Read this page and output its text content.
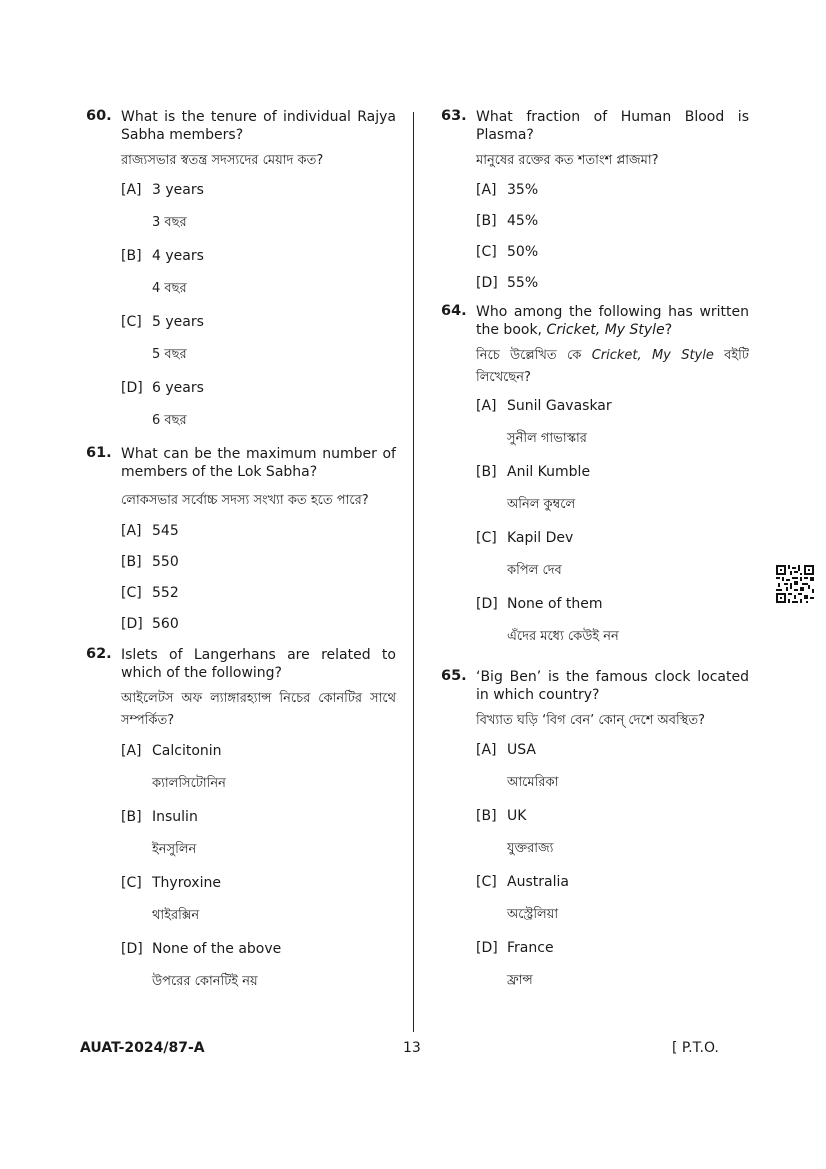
60. What is the tenure of individual Rajya Sabha members?
রাজ্যসভার স্বতন্ত্র সদস্যদের মেয়াদ কত?
[A] 3 years
3 বছর
[B] 4 years
4 বছর
[C] 5 years
5 বছর
[D] 6 years
6 বছর
61. What can be the maximum number of members of the Lok Sabha?
লোকসভার সর্বোচ্চ সদস্য সংখ্যা কত হতে পারে?
[A] 545
[B] 550
[C] 552
[D] 560
62. Islets of Langerhans are related to which of the following?
আইলেটস অফ ল্যাঙ্গারহ্যান্স নিচের কোনটির সাথে সম্পর্কিত?
[A] Calcitonin
ক্যালসিটোনিন
[B] Insulin
ইনসুলিন
[C] Thyroxine
থাইরক্সিন
[D] None of the above
উপরের কোনটিই নয়
63. What fraction of Human Blood is Plasma?
মানুষের রক্তের কত শতাংশ প্লাজমা?
[A] 35%
[B] 45%
[C] 50%
[D] 55%
64. Who among the following has written the book, Cricket, My Style?
নিচে উল্লেখিত কে Cricket, My Style বইটি লিখেছেন?
[A] Sunil Gavaskar
সুনীল গাভাস্কার
[B] Anil Kumble
অনিল কুম্বলে
[C] Kapil Dev
কপিল দেব
[D] None of them
এঁদের মধ্যে কেউই নন
65. ‘Big Ben’ is the famous clock located in which country?
বিখ্যাত ঘড়ি ‘বিগ বেন’ কোন্ দেশে অবস্থিত?
[A] USA
আমেরিকা
[B] UK
যুক্তরাজ্য
[C] Australia
অস্ট্রেলিয়া
[D] France
ফ্রান্স
AUAT-2024/87-A	13	[ P.T.O.
